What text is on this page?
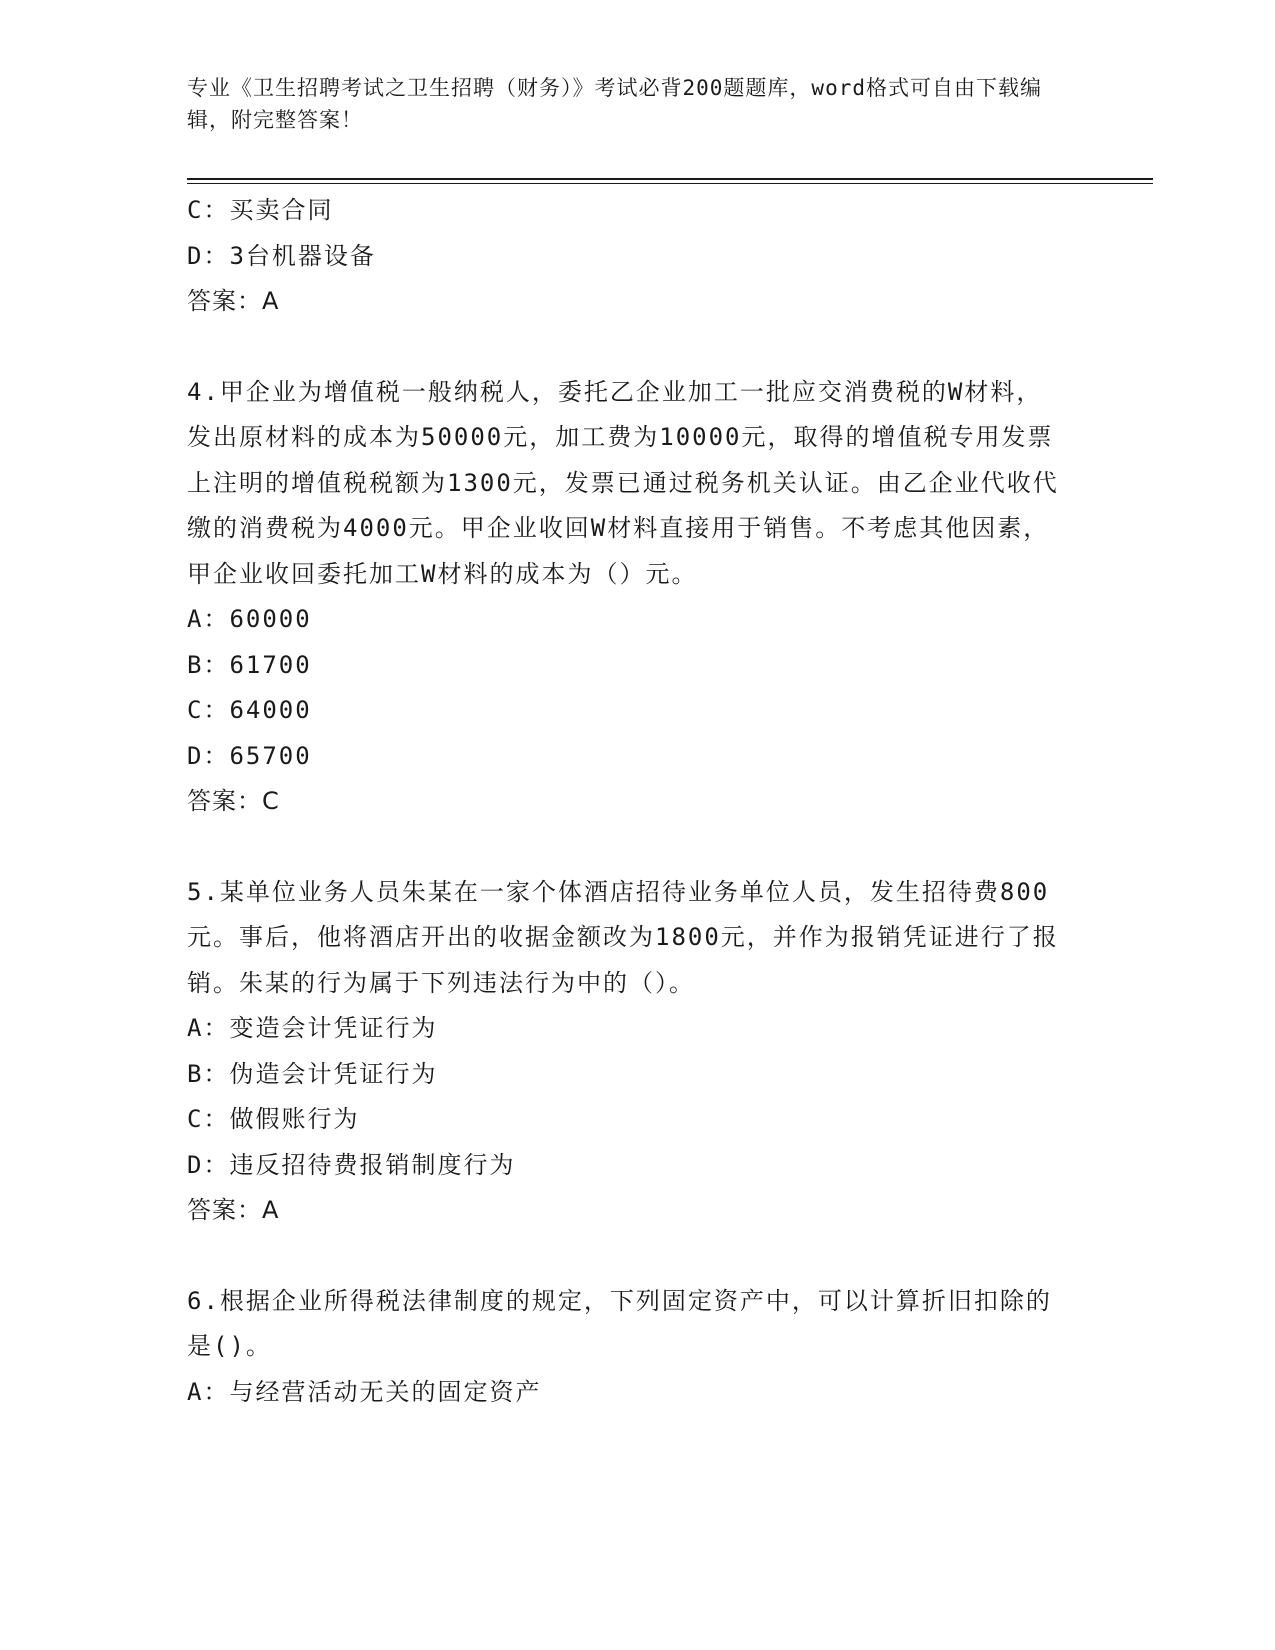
专业《卫生招聘考试之卫生招聘（财务）》考试必背200题题库，word格式可自由下载编辑，附完整答案！

C：买卖合同

D：3台机器设备

答案：A

4.甲企业为增值税一般纳税人，委托乙企业加工一批应交消费税的W材料，发出原材料的成本为50000元，加工费为10000元，取得的增值税专用发票上注明的增值税税额为1300元，发票已通过税务机关认证。由乙企业代收代缴的消费税为4000元。甲企业收回W材料直接用于销售。不考虑其他因素，甲企业收回委托加工W材料的成本为（）元。

A：60000

B：61700

C：64000

D：65700

答案：C

5.某单位业务人员朱某在一家个体酒店招待业务单位人员，发生招待费800元。事后，他将酒店开出的收据金额改为1800元，并作为报销凭证进行了报销。朱某的行为属于下列违法行为中的（）。

A：变造会计凭证行为

B：伪造会计凭证行为

C：做假账行为

D：违反招待费报销制度行为

答案：A

6.根据企业所得税法律制度的规定，下列固定资产中，可以计算折旧扣除的是()。

A：与经营活动无关的固定资产
